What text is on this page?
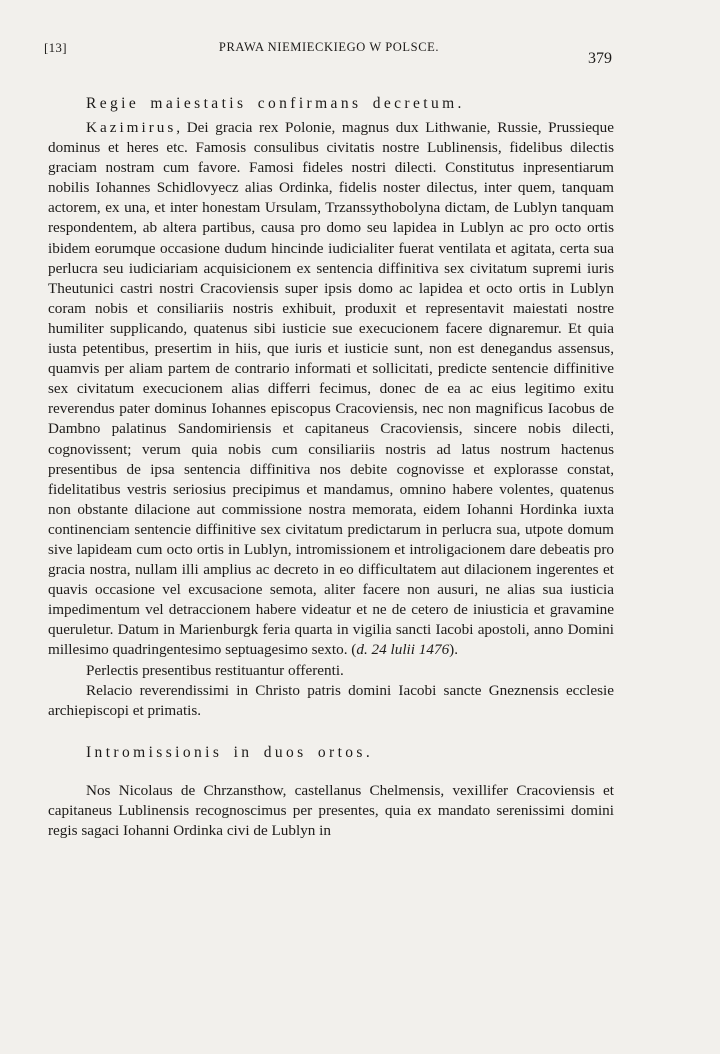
[13]	PRAWA NIEMIECKIEGO W POLSCE.
379

Regie maiestatis confirmans decretum.

Kazimirus, Dei gracia rex Polonie, magnus dux Lithwanie, Russie, Prussieque dominus et heres etc. Famosis consulibus civitatis nostre Lublinensis, fidelibus dilectis graciam nostram cum favore. Famosi fideles nostri dilecti. Constitutus inpresentiarum nobilis Iohannes Schidlovyecz alias Ordinka, fidelis noster dilectus, inter quem, tanquam actorem, ex una, et inter honestam Ursulam, Trzanssythobolyna dictam, de Lublyn tanquam respondentem, ab altera partibus, causa pro domo seu lapidea in Lublyn ac pro octo ortis ibidem eorumque occasione dudum hincinde iudicialiter fuerat ventilata et agitata, certa sua perlucra seu iudiciariam acquisicionem ex sentencia diffinitiva sex civitatum supremi iuris Theutunici castri nostri Cracoviensis super ipsis domo ac lapidea et octo ortis in Lublyn coram nobis et consiliariis nostris exhibuit, produxit et representavit maiestati nostre humiliter supplicando, quatenus sibi iusticie sue execucionem facere dignaremur. Et quia iusta petentibus, presertim in hiis, que iuris et iusticie sunt, non est denegandus assensus, quamvis per aliam partem de contrario informati et sollicitati, predicte sentencie diffinitive sex civitatum execucionem alias differri fecimus, donec de ea ac eius legitimo exitu reverendus pater dominus Iohannes episcopus Cracoviensis, nec non magnificus Iacobus de Dambno palatinus Sandomiriensis et capitaneus Cracoviensis, sincere nobis dilecti, cognovissent; verum quia nobis cum consiliariis nostris ad latus nostrum hactenus presentibus de ipsa sentencia diffinitiva nos debite cognovisse et explorasse constat, fidelitatibus vestris seriosius precipimus et mandamus, omnino habere volentes, quatenus non obstante dilacione aut commissione nostra memorata, eidem Iohanni Hordinka iuxta continenciam sentencie diffinitive sex civitatum predictarum in perlucra sua, utpote domum sive lapideam cum octo ortis in Lublyn, intromissionem et introligacionem dare debeatis pro gracia nostra, nullam illi amplius ac decreto in eo difficultatem aut dilacionem ingerentes et quavis occasione vel excusacione semota, aliter facere non ausuri, ne alias sua iusticia impedimentum vel detraccionem habere videatur et ne de cetero de iniusticia et gravamine queruletur. Datum in Marienburgk feria quarta in vigilia sancti Iacobi apostoli, anno Domini millesimo quadringentesimo septuagesimo sexto. (d. 24 lulii 1476).

Perlectis presentibus restituantur offerenti.

Relacio reverendissimi in Christo patris domini Iacobi sancte Gneznensis ecclesie archiepiscopi et primatis.

Intromissionis in duos ortos.

Nos Nicolaus de Chrzansthow, castellanus Chelmensis, vexillifer Cracoviensis et capitaneus Lublinensis recognoscimus per presentes, quia ex mandato serenissimi domini regis sagaci Iohanni Ordinka civi de Lublyn in
